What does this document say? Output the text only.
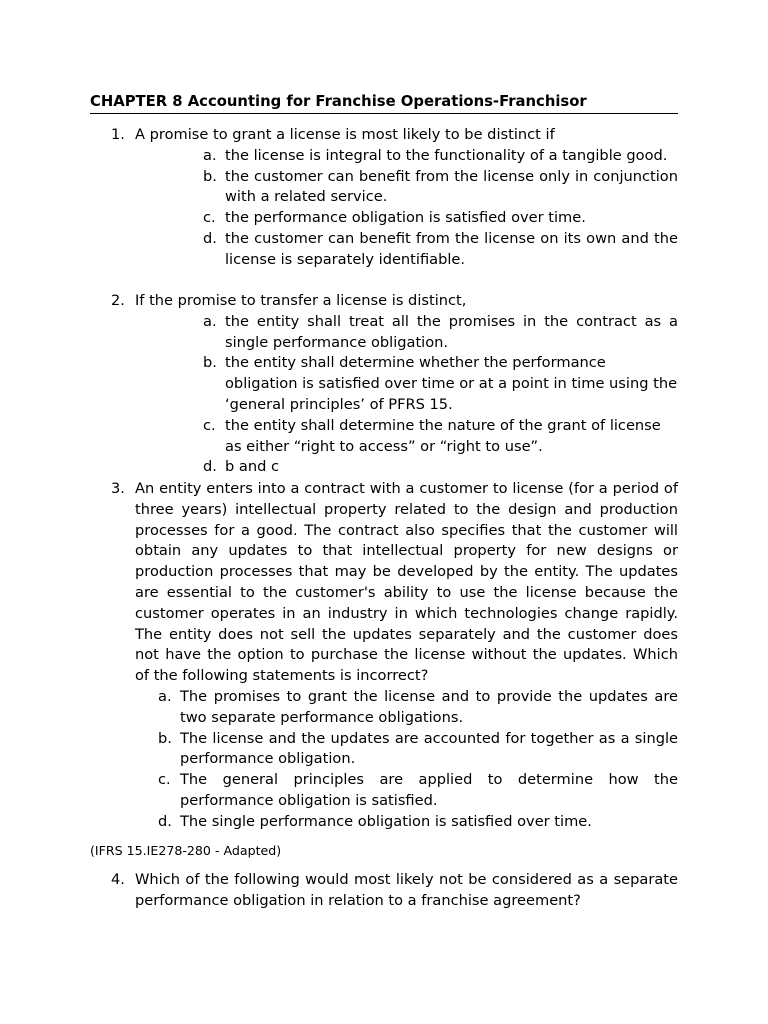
CHAPTER 8 Accounting for Franchise Operations-Franchisor
1. A promise to grant a license is most likely to be distinct if
a. the license is integral to the functionality of a tangible good.
b. the customer can benefit from the license only in conjunction with a related service.
c. the performance obligation is satisfied over time.
d. the customer can benefit from the license on its own and the license is separately identifiable.
2. If the promise to transfer a license is distinct,
a. the entity shall treat all the promises in the contract as a single performance obligation.
b. the entity shall determine whether the performance obligation is satisfied over time or at a point in time using the ‘general principles’ of PFRS 15.
c. the entity shall determine the nature of the grant of license as either “right to access” or “right to use”.
d. b and c
3. An entity enters into a contract with a customer to license (for a period of three years) intellectual property related to the design and production processes for a good. The contract also specifies that the customer will obtain any updates to that intellectual property for new designs or production processes that may be developed by the entity. The updates are essential to the customer's ability to use the license because the customer operates in an industry in which technologies change rapidly. The entity does not sell the updates separately and the customer does not have the option to purchase the license without the updates. Which of the following statements is incorrect?
a. The promises to grant the license and to provide the updates are two separate performance obligations.
b. The license and the updates are accounted for together as a single performance obligation.
c. The general principles are applied to determine how the performance obligation is satisfied.
d. The single performance obligation is satisfied over time.
(IFRS 15.IE278-280 - Adapted)
4. Which of the following would most likely not be considered as a separate performance obligation in relation to a franchise agreement?
